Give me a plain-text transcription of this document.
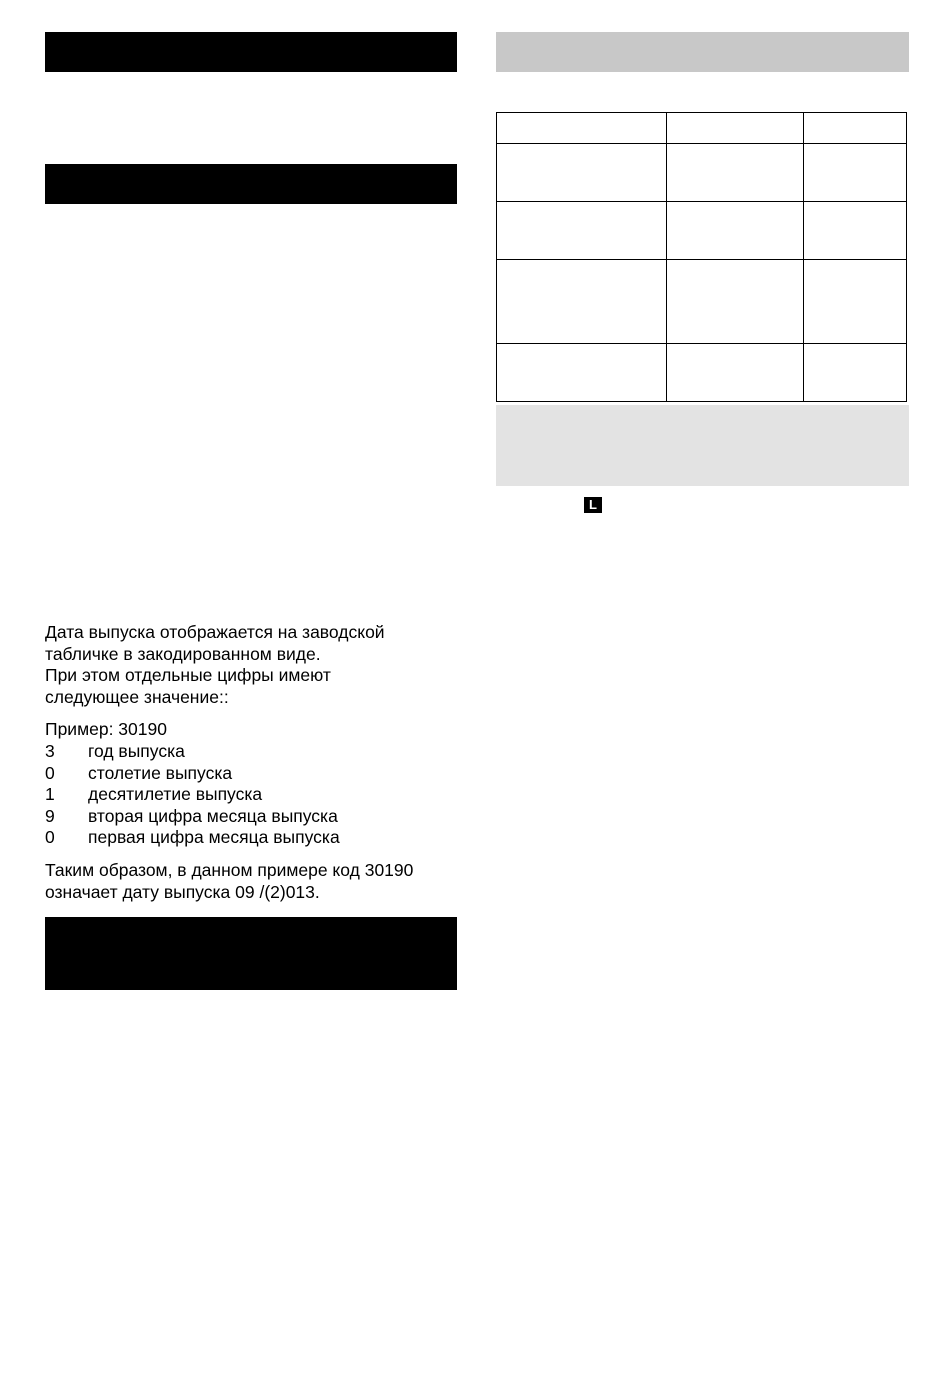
Дата выпуска отображается на заводской

табличке в закодированном виде.

При этом отдельные цифры имеют

следующее значение::

Пример: 30190

3	год выпуска
0	столетие выпуска
1	десятилетие выпуска
9	вторая цифра месяца выпуска
0	первая цифра месяца выпуска

Таким образом, в данном примере код 30190

означает дату выпуска 09 /(2)013.

L
